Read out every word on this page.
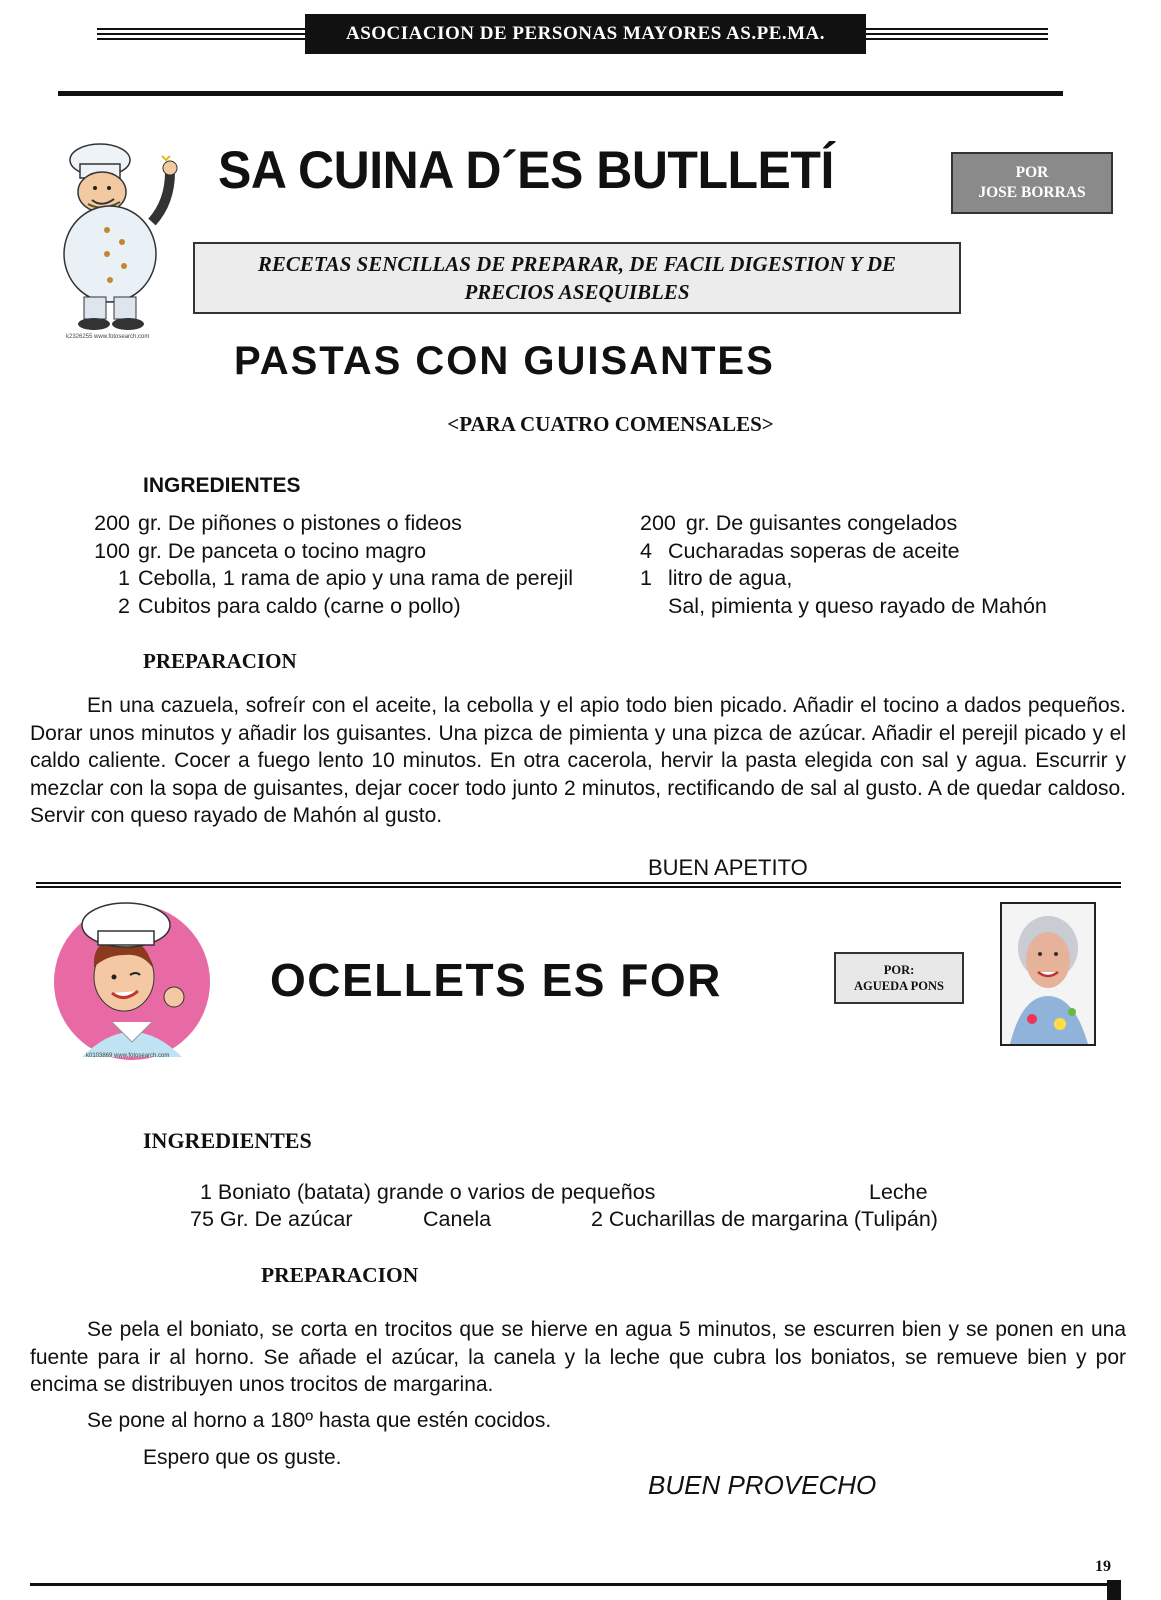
ASOCIACION DE PERSONAS MAYORES AS.PE.MA.
k2326255 www.fotosearch.com
SA CUINA D´ES BUTLLETÍ	POR
JOSE BORRAS
RECETAS SENCILLAS DE PREPARAR, DE FACIL DIGESTION Y DE
PRECIOS ASEQUIBLES
PASTAS CON GUISANTES
<PARA CUATRO COMENSALES>
INGREDIENTES
200 gr. De piñones o pistones o fideos
100 gr. De panceta o tocino magro
1 Cebolla, 1 rama de apio y una rama de perejil
2 Cubitos para caldo (carne o pollo)
200 gr. De guisantes congelados
4 Cucharadas soperas de aceite
1 litro de agua,
Sal, pimienta y queso rayado de Mahón
PREPARACION
En una cazuela, sofreír con el aceite, la cebolla y el apio todo bien picado. Añadir el tocino a dados pequeños. Dorar unos minutos y añadir los guisantes. Una pizca de pimienta y una pizca de azúcar. Añadir el perejil picado y el caldo caliente. Cocer a fuego lento 10 minutos. En otra cacerola, hervir la pasta elegida con sal y agua. Escurrir y mezclar con la sopa de guisantes, dejar cocer todo junto 2 minutos, rectificando de sal al gusto. A de quedar caldoso. Servir con queso rayado de Mahón al gusto.
BUEN APETITO
k0103869 www.fotosearch.com
OCELLETS ES FOR	POR:
AGUEDA PONS
INGREDIENTES
1 Boniato (batata) grande o varios de pequeños	Leche
75 Gr. De azúcar	Canela	2 Cucharillas de margarina (Tulipán)
PREPARACION
Se pela el boniato, se corta en trocitos que se hierve en agua 5 minutos, se escurren bien y se ponen en una fuente para ir al horno. Se añade el azúcar, la canela y la leche que cubra los boniatos, se remueve bien y por encima se distribuyen unos trocitos de margarina.
Se pone al horno a 180º hasta que estén cocidos.
Espero que os guste.
BUEN PROVECHO
19
